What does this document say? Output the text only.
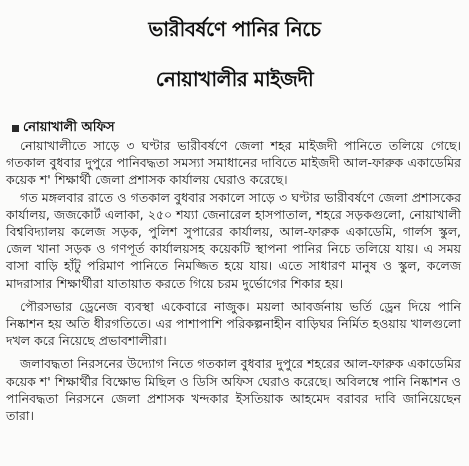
ভারীবর্ষণে পানির নিচে
নোয়াখালীর মাইজদী
নোয়াখালী অফিস

নোয়াখালীতে সাড়ে ৩ ঘণ্টার ভারীবর্ষণে জেলা শহর মাইজদী পানিতে তলিয়ে গেছে। গতকাল বুধবার দুপুরে পানিবদ্ধতা সমস্যা সমাধানের দাবিতে মাইজদী আল-ফারুক একাডেমির কয়েক শ' শিক্ষার্থী জেলা প্রশাসক কার্যালয় ঘেরাও করেছে।

গত মঙ্গলবার রাতে ও গতকাল বুধবার সকালে সাড়ে ৩ ঘণ্টার ভারীবর্ষণে জেলা প্রশাসকের কার্যালয়, জজকোর্ট এলাকা, ২৫০ শয্যা জেনারেল হাসপাতাল, শহরে সড়কগুলো, নোয়াখালী বিশ্ববিদ্যালয় কলেজ সড়ক, পুলিশ সুপারের কার্যালয়, আল-ফারুক একাডেমি, গার্লস স্কুল, জেল খানা সড়ক ও গণপূর্ত কার্যালয়সহ কয়েকটি স্থাপনা পানির নিচে তলিয়ে যায়। এ সময় বাসা বাড়ি হাঁটু পরিমাণ পানিতে নিমজ্জিত হয়ে যায়। এতে সাধারণ মানুষ ও স্কুল, কলেজ মাদরাসার শিক্ষার্থীরা যাতায়াত করতে গিয়ে চরম দুর্ভোগের শিকার হয়।

পৌরসভার ড্রেনেজ ব্যবস্থা একেবারে নাজুক। ময়লা আবর্জনায় ভর্তি ড্রেন দিয়ে পানি নিষ্কাশন হয় অতি ধীরগতিতে। এর পাশাপাশি পরিকল্পনাহীন বাড়িঘর নির্মিত হওয়ায় খালগুলো দখল করে নিয়েছে প্রভাবশালীরা।

জলাবদ্ধতা নিরসনের উদ্যোগ নিতে গতকাল বুধবার দুপুরে শহরের আল-ফারুক একাডেমির কয়েক শ' শিক্ষার্থীর বিক্ষোভ মিছিল ও ডিসি অফিস ঘেরাও করেছে। অবিলম্বে পানি নিষ্কাশন ও পানিবদ্ধতা নিরসনে জেলা প্রশাসক খন্দকার ইসতিয়াক আহমেদ বরাবর দাবি জানিয়েছেন তারা।
